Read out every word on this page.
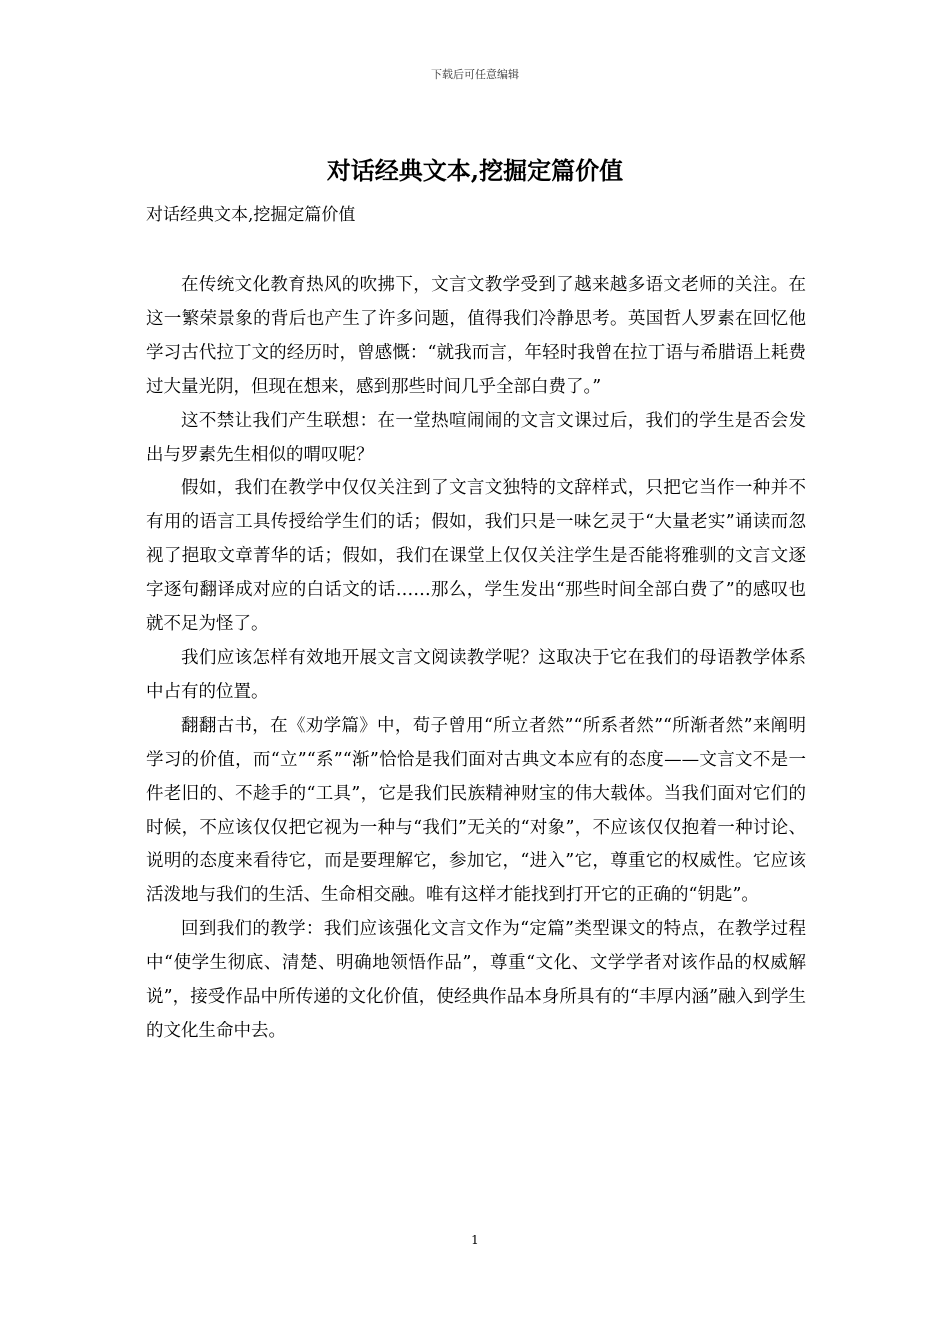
下载后可任意编辑
对话经典文本,挖掘定篇价值

对话经典文本,挖掘定篇价值

在传统文化教育热风的吹拂下，文言文教学受到了越来越多语文老师的关注。在这一繁荣景象的背后也产生了许多问题，值得我们冷静思考。英国哲人罗素在回忆他学习古代拉丁文的经历时，曾感慨：“就我而言，年轻时我曾在拉丁语与希腊语上耗费过大量光阴，但现在想来，感到那些时间几乎全部白费了。”

这不禁让我们产生联想：在一堂热喧闹闹的文言文课过后，我们的学生是否会发出与罗素先生相似的喟叹呢？

假如，我们在教学中仅仅关注到了文言文独特的文辞样式，只把它当作一种并不有用的语言工具传授给学生们的话；假如，我们只是一味乞灵于“大量老实”诵读而忽视了挹取文章菁华的话；假如，我们在课堂上仅仅关注学生是否能将雅驯的文言文逐字逐句翻译成对应的白话文的话……那么，学生发出“那些时间全部白费了”的感叹也就不足为怪了。

我们应该怎样有效地开展文言文阅读教学呢？这取决于它在我们的母语教学体系中占有的位置。

翻翻古书，在《劝学篇》中，荀子曾用“所立者然”“所系者然”“所渐者然”来阐明学习的价值，而“立”“系”“渐”恰恰是我们面对古典文本应有的态度——文言文不是一件老旧的、不趁手的“工具”，它是我们民族精神财宝的伟大载体。当我们面对它们的时候，不应该仅仅把它视为一种与“我们”无关的“对象”，不应该仅仅抱着一种讨论、说明的态度来看待它，而是要理解它，参加它，“进入”它，尊重它的权威性。它应该活泼地与我们的生活、生命相交融。唯有这样才能找到打开它的正确的“钥匙”。

回到我们的教学：我们应该强化文言文作为“定篇”类型课文的特点，在教学过程中“使学生彻底、清楚、明确地领悟作品”，尊重“文化、文学学者对该作品的权威解说”，接受作品中所传递的文化价值，使经典作品本身所具有的“丰厚内涵”融入到学生的文化生命中去。

1
